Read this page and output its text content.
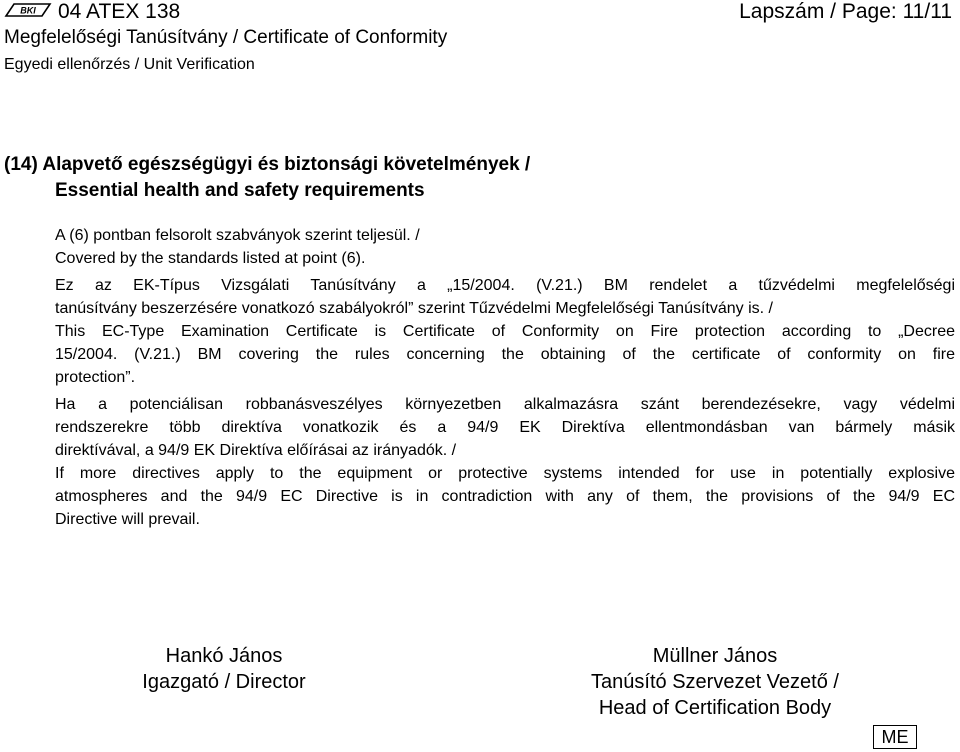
BKI 04 ATEX 138	Lapszám / Page: 11/11
Megfelelőségi Tanúsítvány / Certificate of Conformity
Egyedi ellenőrzés / Unit Verification
(14) Alapvető egészségügyi és biztonsági követelmények /
Essential health and safety requirements
A (6) pontban felsorolt szabványok szerint teljesül. /
Covered by the standards listed at point (6).
Ez az EK-Típus Vizsgálati Tanúsítvány a „15/2004. (V.21.) BM rendelet a tűzvédelmi megfelelőségi
tanúsítvány beszerzésére vonatkozó szabályokról” szerint Tűzvédelmi Megfelelőségi Tanúsítvány is. /
This EC-Type Examination Certificate is Certificate of Conformity on Fire protection according to „Decree
15/2004. (V.21.) BM covering the rules concerning the obtaining of the certificate of conformity on fire
protection”.
Ha a potenciálisan robbanásveszélyes környezetben alkalmazásra szánt berendezésekre, vagy védelmi
rendszerekre több direktíva vonatkozik és a 94/9 EK Direktíva ellentmondásban van bármely másik
direktívával, a 94/9 EK Direktíva előírásai az irányadók. /
If more directives apply to the equipment or protective systems intended for use in potentially explosive
atmospheres and the 94/9 EC Directive is in contradiction with any of them, the provisions of the 94/9 EC
Directive will prevail.
Hankó János
Igazgató / Director
Müllner János
Tanúsító Szervezet Vezető /
Head of Certification Body
ME
